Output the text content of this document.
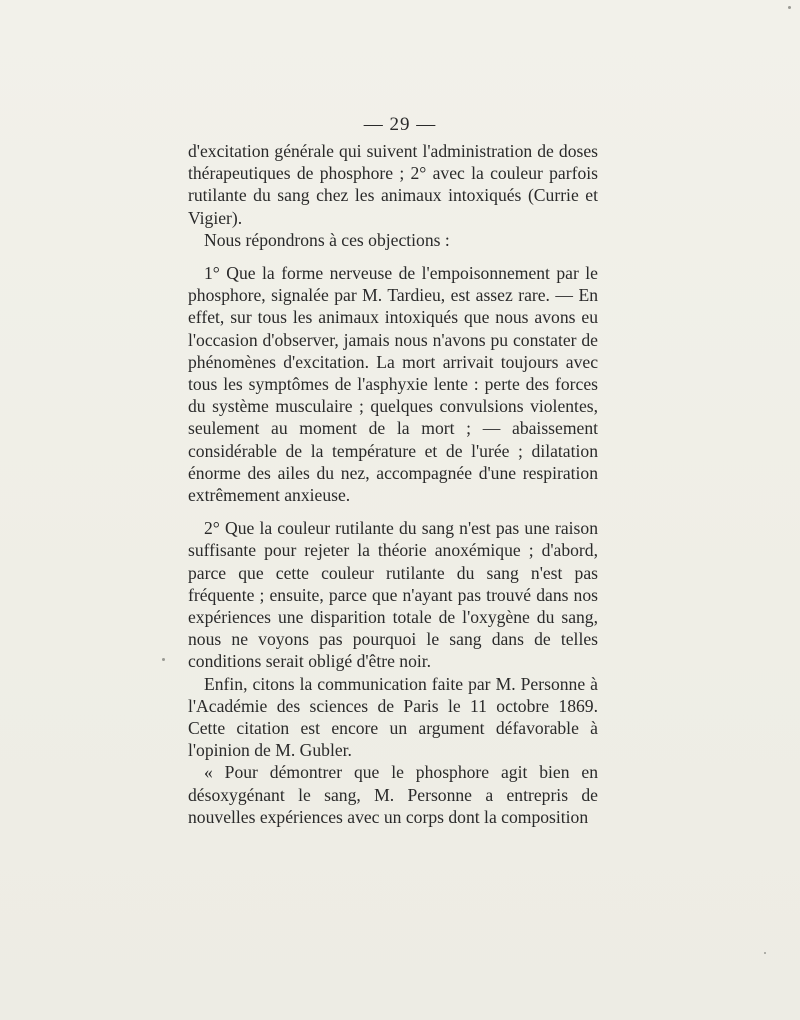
— 29 —

d'excitation générale qui suivent l'administration de doses thérapeutiques de phosphore ; 2° avec la couleur parfois rutilante du sang chez les animaux intoxiqués (Currie et Vigier).

Nous répondrons à ces objections :

1° Que la forme nerveuse de l'empoisonnement par le phosphore, signalée par M. Tardieu, est assez rare. — En effet, sur tous les animaux intoxiqués que nous avons eu l'occasion d'observer, jamais nous n'avons pu constater de phénomènes d'excitation. La mort arrivait toujours avec tous les symptômes de l'asphyxie lente : perte des forces du système musculaire ; quelques convulsions violentes, seulement au moment de la mort ; — abaissement considérable de la température et de l'urée ; dilatation énorme des ailes du nez, accompagnée d'une respiration extrêmement anxieuse.

2° Que la couleur rutilante du sang n'est pas une raison suffisante pour rejeter la théorie anoxémique ; d'abord, parce que cette couleur rutilante du sang n'est pas fréquente ; ensuite, parce que n'ayant pas trouvé dans nos expériences une disparition totale de l'oxygène du sang, nous ne voyons pas pourquoi le sang dans de telles conditions serait obligé d'être noir.

Enfin, citons la communication faite par M. Personne à l'Académie des sciences de Paris le 11 octobre 1869. Cette citation est encore un argument défavorable à l'opinion de M. Gubler.

« Pour démontrer que le phosphore agit bien en désoxygénant le sang, M. Personne a entrepris de nouvelles expériences avec un corps dont la composition
